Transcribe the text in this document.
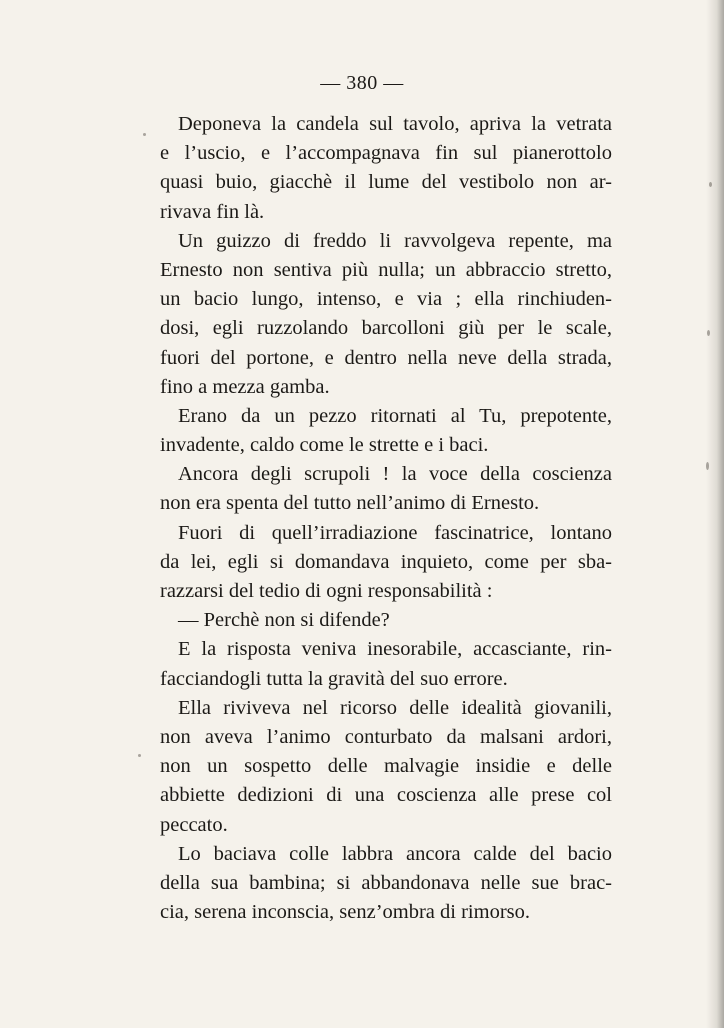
— 380 —
Deponeva la candela sul tavolo, apriva la vetrata
e l’uscio, e l’accompagnava fin sul pianerottolo
quasi buio, giacchè il lume del vestibolo non ar-
rivava fin là.
Un guizzo di freddo li ravvolgeva repente, ma
Ernesto non sentiva più nulla; un abbraccio stretto,
un bacio lungo, intenso, e via ; ella rinchiuden-
dosi, egli ruzzolando barcolloni giù per le scale,
fuori del portone, e dentro nella neve della strada,
fino a mezza gamba.
Erano da un pezzo ritornati al Tu, prepotente,
invadente, caldo come le strette e i baci.
Ancora degli scrupoli ! la voce della coscienza
non era spenta del tutto nell’animo di Ernesto.
Fuori di quell’irradiazione fascinatrice, lontano
da lei, egli si domandava inquieto, come per sba-
razzarsi del tedio di ogni responsabilità :
— Perchè non si difende?
E la risposta veniva inesorabile, accasciante, rin-
facciandogli tutta la gravità del suo errore.
Ella riviveva nel ricorso delle idealità giovanili,
non aveva l’animo conturbato da malsani ardori,
non un sospetto delle malvagie insidie e delle
abbiette dedizioni di una coscienza alle prese col
peccato.
Lo baciava colle labbra ancora calde del bacio
della sua bambina; si abbandonava nelle sue brac-
cia, serena inconscia, senz’ombra di rimorso.
